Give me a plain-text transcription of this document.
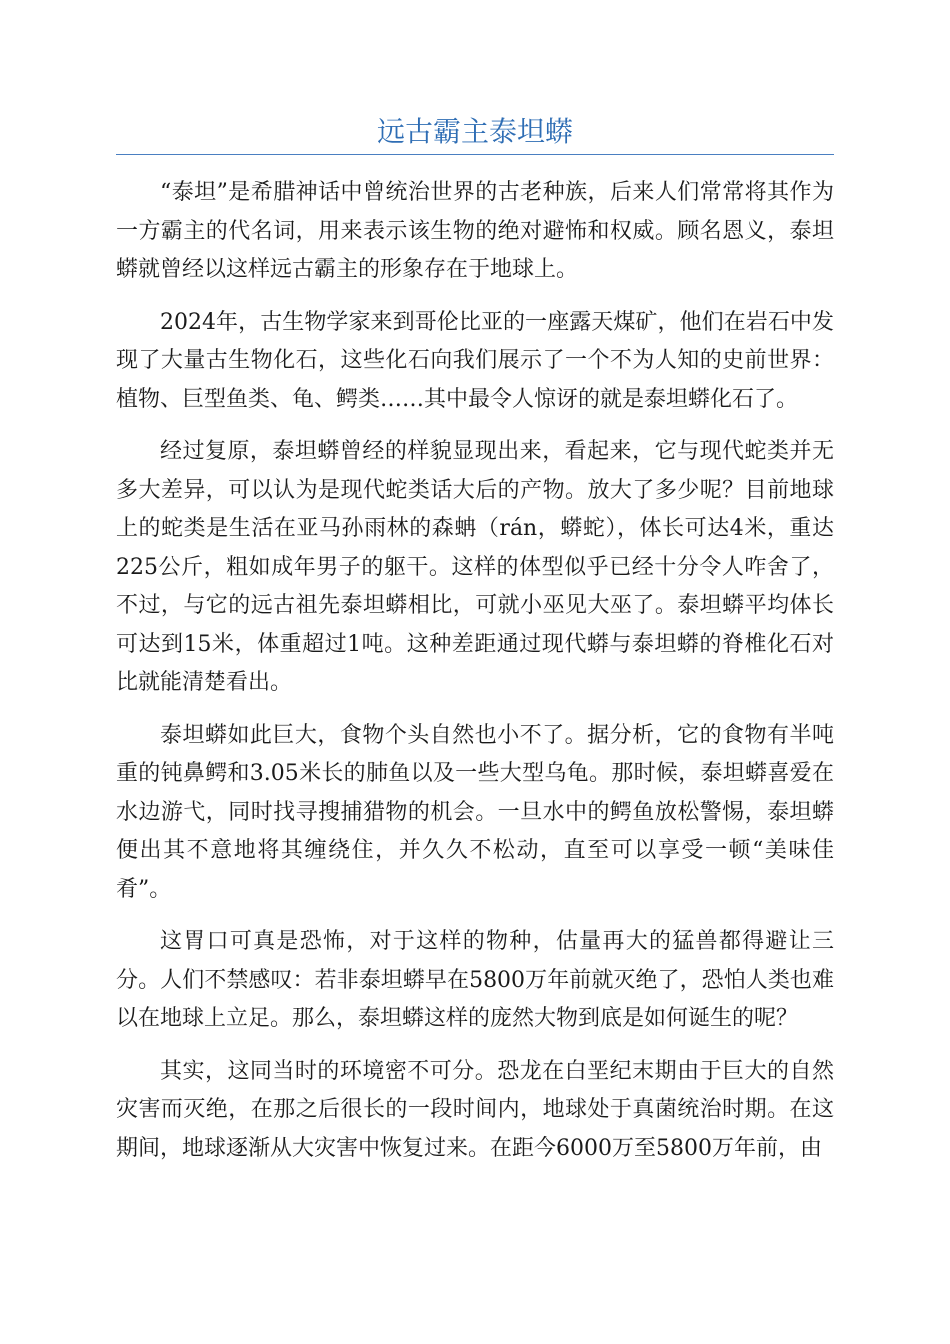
远古霸主泰坦蟒

“泰坦”是希腊神话中曾统治世界的古老种族，后来人们常常将其作为一方霸主的代名词，用来表示该生物的绝对避怖和权威。顾名恩义，泰坦蟒就曾经以这样远古霸主的形象存在于地球上。

2024年，古生物学家来到哥伦比亚的一座露天煤矿，他们在岩石中发现了大量古生物化石，这些化石向我们展示了一个不为人知的史前世界：植物、巨型鱼类、龟、鳄类……其中最令人惊讶的就是泰坦蟒化石了。

经过复原，泰坦蟒曾经的样貌显现出来，看起来，它与现代蛇类并无多大差异，可以认为是现代蛇类话大后的产物。放大了多少呢？目前地球上的蛇类是生活在亚马孙雨林的森蚺（rán，蟒蛇），体长可达4米，重达225公斤，粗如成年男子的躯干。这样的体型似乎已经十分令人咋舍了，不过，与它的远古祖先泰坦蟒相比，可就小巫见大巫了。泰坦蟒平均体长可达到15米，体重超过1吨。这种差距通过现代蟒与泰坦蟒的脊椎化石对比就能清楚看出。

泰坦蟒如此巨大，食物个头自然也小不了。据分析，它的食物有半吨重的钝鼻鳄和3.05米长的肺鱼以及一些大型乌龟。那时候，泰坦蟒喜爱在水边游弋，同时找寻搜捕猎物的机会。一旦水中的鳄鱼放松警惕，泰坦蟒便出其不意地将其缠绕住，并久久不松动，直至可以享受一顿“美味佳肴”。

这胃口可真是恐怖，对于这样的物种，估量再大的猛兽都得避让三分。人们不禁感叹：若非泰坦蟒早在5800万年前就灭绝了，恐怕人类也难以在地球上立足。那么，泰坦蟒这样的庞然大物到底是如何诞生的呢？

其实，这同当时的环境密不可分。恐龙在白垩纪末期由于巨大的自然灾害而灭绝，在那之后很长的一段时间内，地球处于真菌统治时期。在这期间，地球逐渐从大灾害中恢复过来。在距今6000万至5800万年前，由
